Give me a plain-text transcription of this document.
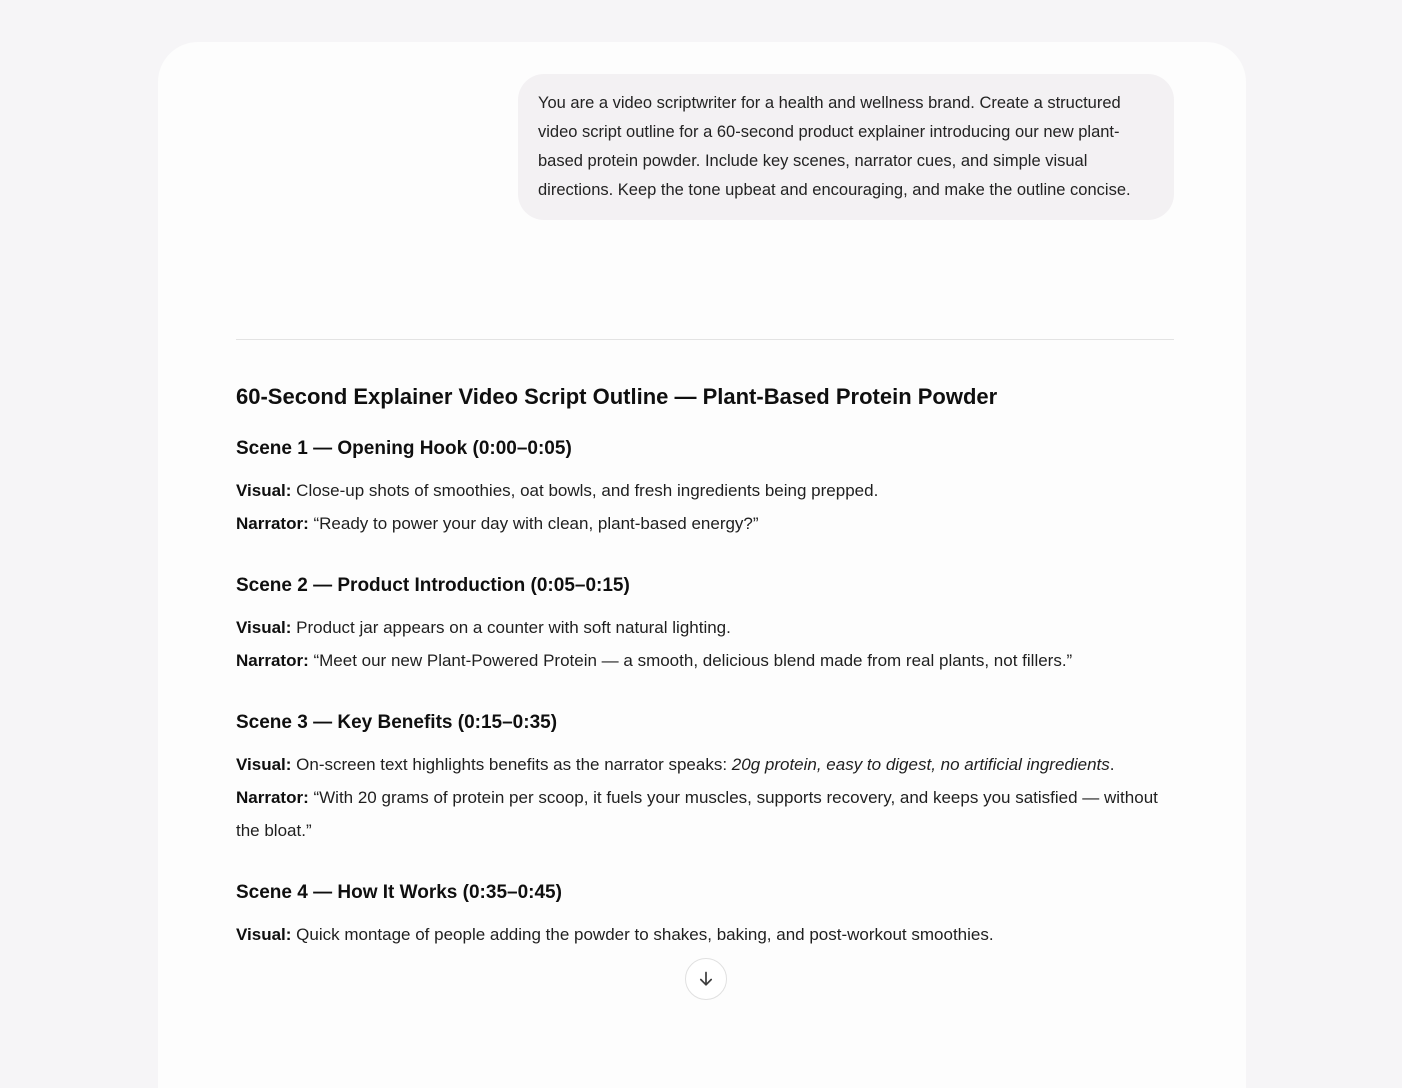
You are a video scriptwriter for a health and wellness brand. Create a structured video script outline for a 60-second product explainer introducing our new plant-based protein powder. Include key scenes, narrator cues, and simple visual directions. Keep the tone upbeat and encouraging, and make the outline concise.
60-Second Explainer Video Script Outline — Plant-Based Protein Powder
Scene 1 — Opening Hook (0:00–0:05)

Visual: Close-up shots of smoothies, oat bowls, and fresh ingredients being prepped.

Narrator: “Ready to power your day with clean, plant-based energy?”

Scene 2 — Product Introduction (0:05–0:15)

Visual: Product jar appears on a counter with soft natural lighting.

Narrator: “Meet our new Plant-Powered Protein — a smooth, delicious blend made from real plants, not fillers.”

Scene 3 — Key Benefits (0:15–0:35)

Visual: On-screen text highlights benefits as the narrator speaks: 20g protein, easy to digest, no artificial ingredients.

Narrator: “With 20 grams of protein per scoop, it fuels your muscles, supports recovery, and keeps you satisfied — without the bloat.”

Scene 4 — How It Works (0:35–0:45)

Visual: Quick montage of people adding the powder to shakes, baking, and post-workout smoothies.
